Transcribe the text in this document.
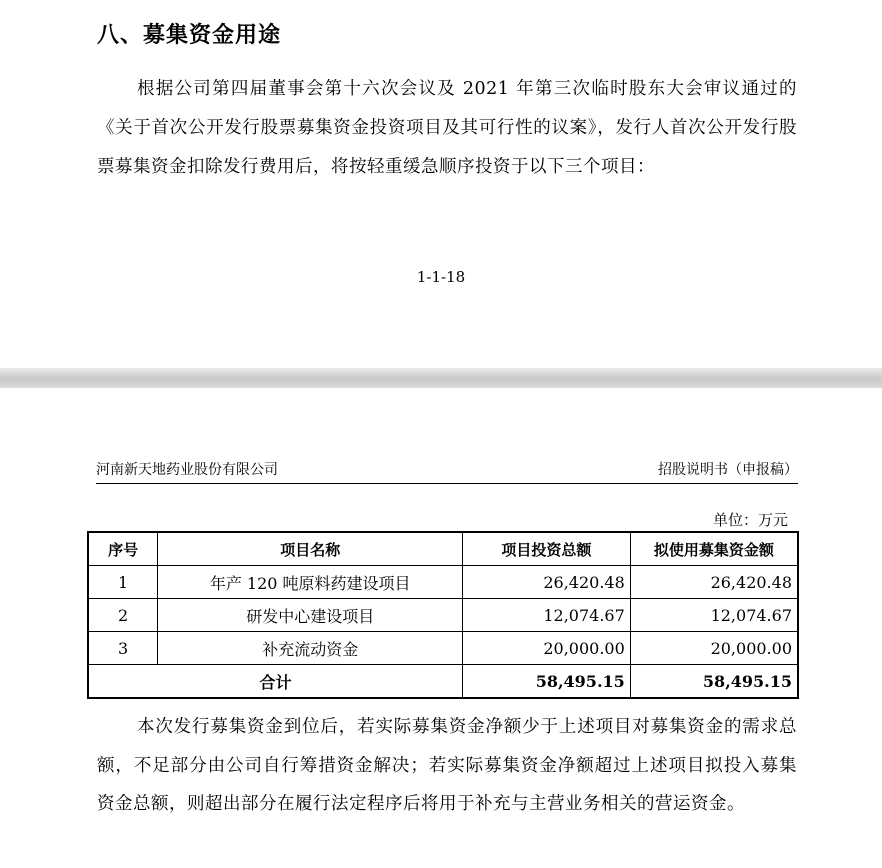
八、募集资金用途

根据公司第四届董事会第十六次会议及 2021 年第三次临时股东大会审议通过的《关于首次公开发行股票募集资金投资项目及其可行性的议案》，发行人首次公开发行股票募集资金扣除发行费用后，将按轻重缓急顺序投资于以下三个项目：

1-1-18
河南新天地药业股份有限公司	招股说明书（申报稿）
单位：万元
序号	项目名称	项目投资总额	拟使用募集资金额
1	年产 120 吨原料药建设项目	26,420.48	26,420.48
2	研发中心建设项目	12,074.67	12,074.67
3	补充流动资金	20,000.00	20,000.00
合计		58,495.15	58,495.15

本次发行募集资金到位后，若实际募集资金净额少于上述项目对募集资金的需求总额，不足部分由公司自行筹措资金解决；若实际募集资金净额超过上述项目拟投入募集资金总额，则超出部分在履行法定程序后将用于补充与主营业务相关的营运资金。
